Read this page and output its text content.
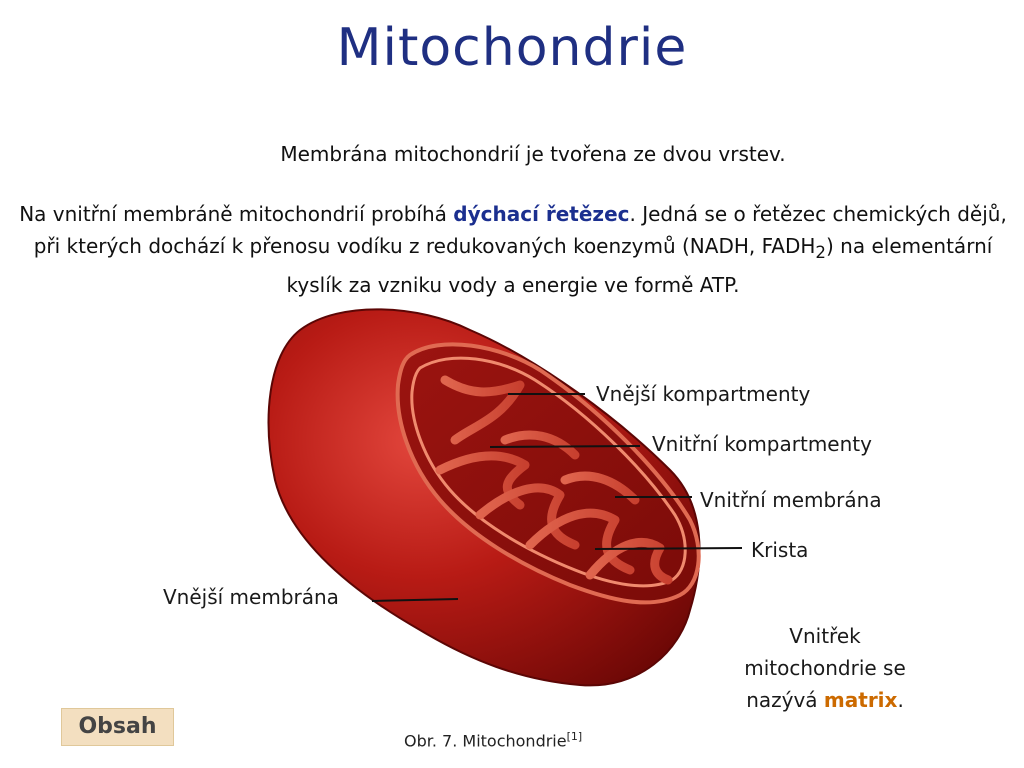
Mitochondrie
Membrána mitochondrií je tvořena ze dvou vrstev.
Na vnitřní membráně mitochondrií probíhá dýchací řetězec. Jedná se o řetězec chemických dějů, při kterých dochází k přenosu vodíku z redukovaných koenzymů (NADH, $FADH_2$) na elementární kyslík za vzniku vody a energie ve formě ATP.
Vnější kompartmenty
Vnitřní kompartmenty
Vnitřní membrána
Krista
Vnější membrána
Vnitřek
mitochondrie se
nazývá matrix.
Obsah
Obr. 7. Mitochondrie[1]
